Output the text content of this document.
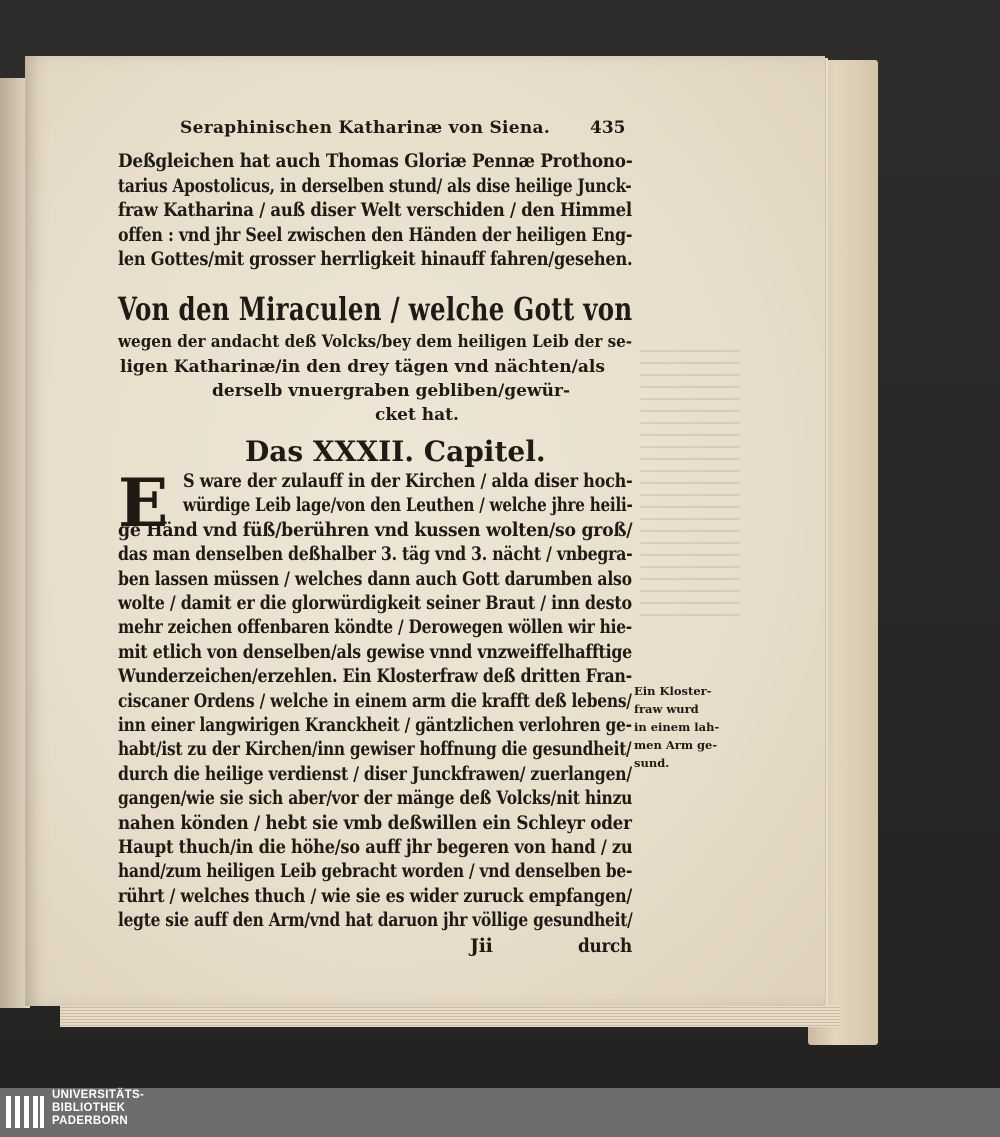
Seraphinischen Katharinæ von Siena. 435
Deßgleichen hat auch Thomas Gloriæ Pennæ Prothono-
tarius Apostolicus, in derselben stund/ als dise heilige Junck-
fraw Katharina / auß diser Welt verschiden / den Himmel
offen : vnd jhr Seel zwischen den Händen der heiligen Eng-
len Gottes/mit grosser herrligkeit hinauff fahren/gesehen.
Von den Miraculen / welche Gott von
wegen der andacht deß Volcks/bey dem heiligen Leib der se-
ligen Katharinæ/in den drey tägen vnd nächten/als
derselb vnuergraben gebliben/gewür-
cket hat.
Das XXXII. Capitel.
E S ware der zulauff in der Kirchen / alda diser hoch-
würdige Leib lage/von den Leuthen / welche jhre heili-
ge Händ vnd füß/berühren vnd kussen wolten/so groß/
das man denselben deßhalber 3. täg vnd 3. nächt / vnbegra-
ben lassen müssen / welches dann auch Gott darumben also
wolte / damit er die glorwürdigkeit seiner Braut / inn desto
mehr zeichen offenbaren köndte / Derowegen wöllen wir hie-
mit etlich von denselben/als gewise vnnd vnzweiffelhafftige
Wunderzeichen/erzehlen. Ein Klosterfraw deß dritten Fran-
ciscaner Ordens / welche in einem arm die krafft deß lebens/
inn einer langwirigen Kranckheit / gäntzlichen verlohren ge-
habt/ist zu der Kirchen/inn gewiser hoffnung die gesundheit/
durch die heilige verdienst / diser Junckfrawen/ zuerlangen/
gangen/wie sie sich aber/vor der mänge deß Volcks/nit hinzu
nahen könden / hebt sie vmb deßwillen ein Schleyr oder
Haupt thuch/in die höhe/so auff jhr begeren von hand / zu
hand/zum heiligen Leib gebracht worden / vnd denselben be-
rührt / welches thuch / wie sie es wider zuruck empfangen/
legte sie auff den Arm/vnd hat daruon jhr völlige gesundheit/
Ein Kloster-
fraw wurd
in einem lah-
men Arm ge-
sund.
Jii	durch
UNIVERSITÄTS-
BIBLIOTHEK
PADERBORN
